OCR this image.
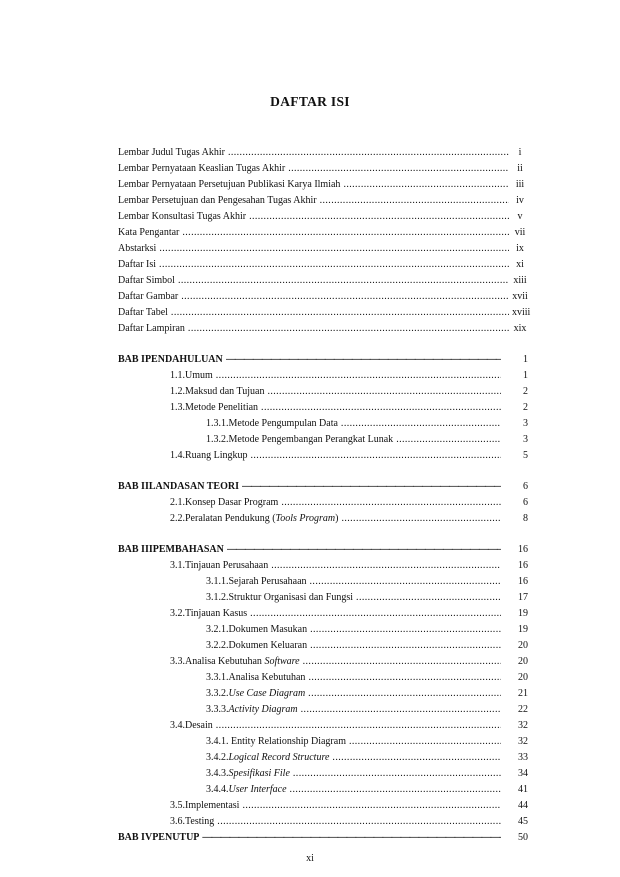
DAFTAR ISI
Lembar Judul Tugas Akhir .....	i
Lembar Pernyataan Keaslian Tugas Akhir .....	ii
Lembar Pernyataan Persetujuan Publikasi Karya Ilmiah .....	iii
Lembar Persetujuan dan Pengesahan Tugas Akhir .....	iv
Lembar Konsultasi Tugas Akhir .....	v
Kata Pengantar .....	vii
Abstarksi .....	ix
Daftar Isi .....	xi
Daftar Simbol .....	xiii
Daftar Gambar .....	xvii
Daftar Tabel .....	xviii
Daftar Lampiran .....	xix
BAB I PENDAHULUAN —————	1
1.1.Umum .....	1
1.2.Maksud dan Tujuan .....	2
1.3.Metode Penelitian .....	2
1.3.1.Metode Pengumpulan Data .....	3
1.3.2.Metode Pengembangan Perangkat Lunak .....	3
1.4.Ruang Lingkup .....	5
BAB II LANDASAN TEORI —————	6
2.1.Konsep Dasar Program .....	6
2.2.Peralatan Pendukung (Tools Program) .....	8
BAB III PEMBAHASAN —————	16
3.1.Tinjauan Perusahaan .....	16
3.1.1.Sejarah Perusahaan .....	16
3.1.2.Struktur Organisasi dan Fungsi .....	17
3.2.Tinjauan Kasus .....	19
3.2.1.Dokumen Masukan .....	19
3.2.2.Dokumen Keluaran .....	20
3.3.Analisa Kebutuhan Software .....	20
3.3.1.Analisa Kebutuhan .....	20
3.3.2.Use Case Diagram .....	21
3.3.3.Activity Diagram .....	22
3.4.Desain .....	32
3.4.1. Entity Relationship Diagram .....	32
3.4.2.Logical Record Structure .....	33
3.4.3.Spesifikasi File .....	34
3.4.4.User Interface .....	41
3.5.Implementasi .....	44
3.6.Testing .....	45
BAB IV PENUTUP —————	50
xi
